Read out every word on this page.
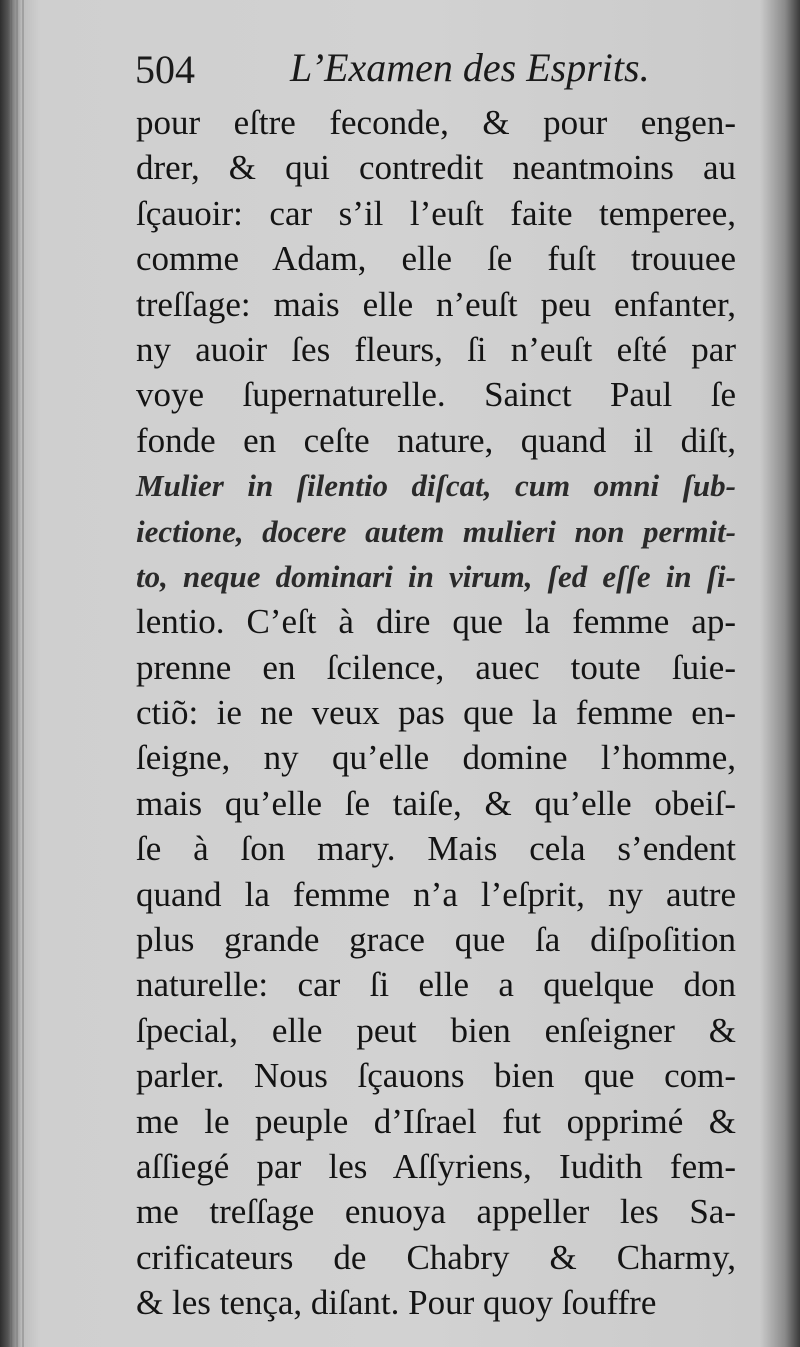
504 L’Examen des Esprits.
pour eſtre feconde, & pour engen-
drer, & qui contredit neantmoins au
ſçauoir: car s’il l’euſt faite temperee,
comme Adam, elle ſe fuſt trouuee
treſſage: mais elle n’euſt peu enfanter,
ny auoir ſes fleurs, ſi n’euſt eſté par
voye ſupernaturelle. Sainct Paul ſe
fonde en ceſte nature, quand il diſt,
Mulier in ſilentio diſcat, cum omni ſub-
iectione, docere autem mulieri non permit-
to, neque dominari in virum, ſed eſſe in ſi-
lentio. C’eſt à dire que la femme ap-
prenne en ſcilence, auec toute ſuie-
ctiõ: ie ne veux pas que la femme en-
ſeigne, ny qu’elle domine l’homme,
mais qu’elle ſe taiſe, & qu’elle obeiſ-
ſe à ſon mary. Mais cela s’endent
quand la femme n’a l’eſprit, ny autre
plus grande grace que ſa diſpoſition
naturelle: car ſi elle a quelque don
ſpecial, elle peut bien enſeigner &
parler. Nous ſçauons bien que com-
me le peuple d’Iſrael fut opprimé &
aſſiegé par les Aſſyriens, Iudith fem-
me treſſage enuoya appeller les Sa-
crificateurs de Chabry & Charmy,
& les tença, diſant. Pour quoy ſouffre
